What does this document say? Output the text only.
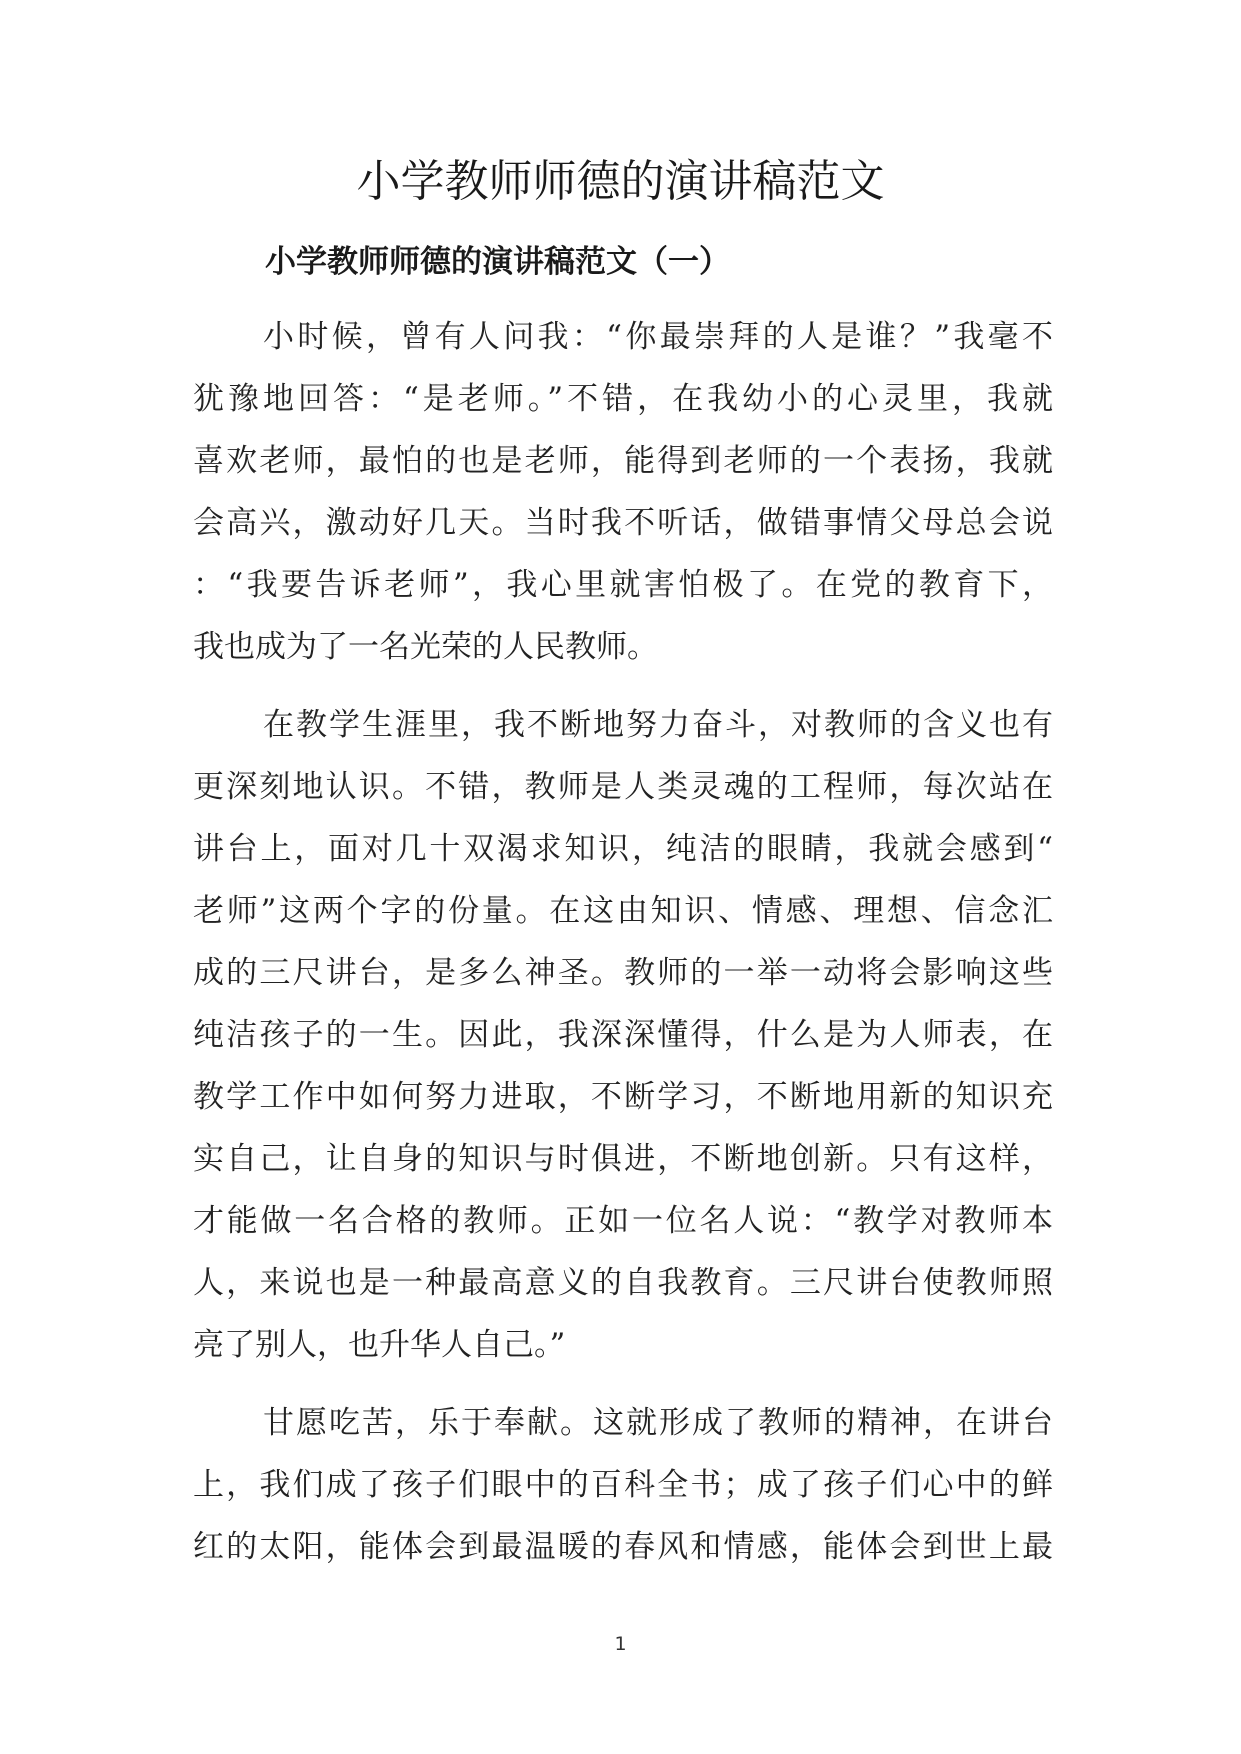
小学教师师德的演讲稿范文
小学教师师德的演讲稿范文（一）

小时候，曾有人问我：“你最崇拜的人是谁？”我毫不
犹豫地回答：“是老师。”不错，在我幼小的心灵里，我就
喜欢老师，最怕的也是老师，能得到老师的一个表扬，我就
会高兴，激动好几天。当时我不听话，做错事情父母总会说
：“我要告诉老师”，我心里就害怕极了。在党的教育下，
我也成为了一名光荣的人民教师。

在教学生涯里，我不断地努力奋斗，对教师的含义也有
更深刻地认识。不错，教师是人类灵魂的工程师，每次站在
讲台上，面对几十双渴求知识，纯洁的眼睛，我就会感到“
老师”这两个字的份量。在这由知识、情感、理想、信念汇
成的三尺讲台，是多么神圣。教师的一举一动将会影响这些
纯洁孩子的一生。因此，我深深懂得，什么是为人师表，在
教学工作中如何努力进取，不断学习，不断地用新的知识充
实自己，让自身的知识与时俱进，不断地创新。只有这样，
才能做一名合格的教师。正如一位名人说：“教学对教师本
人，来说也是一种最高意义的自我教育。三尺讲台使教师照
亮了别人，也升华人自己。”

甘愿吃苦，乐于奉献。这就形成了教师的精神，在讲台
上，我们成了孩子们眼中的百科全书；成了孩子们心中的鲜
红的太阳，能体会到最温暖的春风和情感，能体会到世上最

1
